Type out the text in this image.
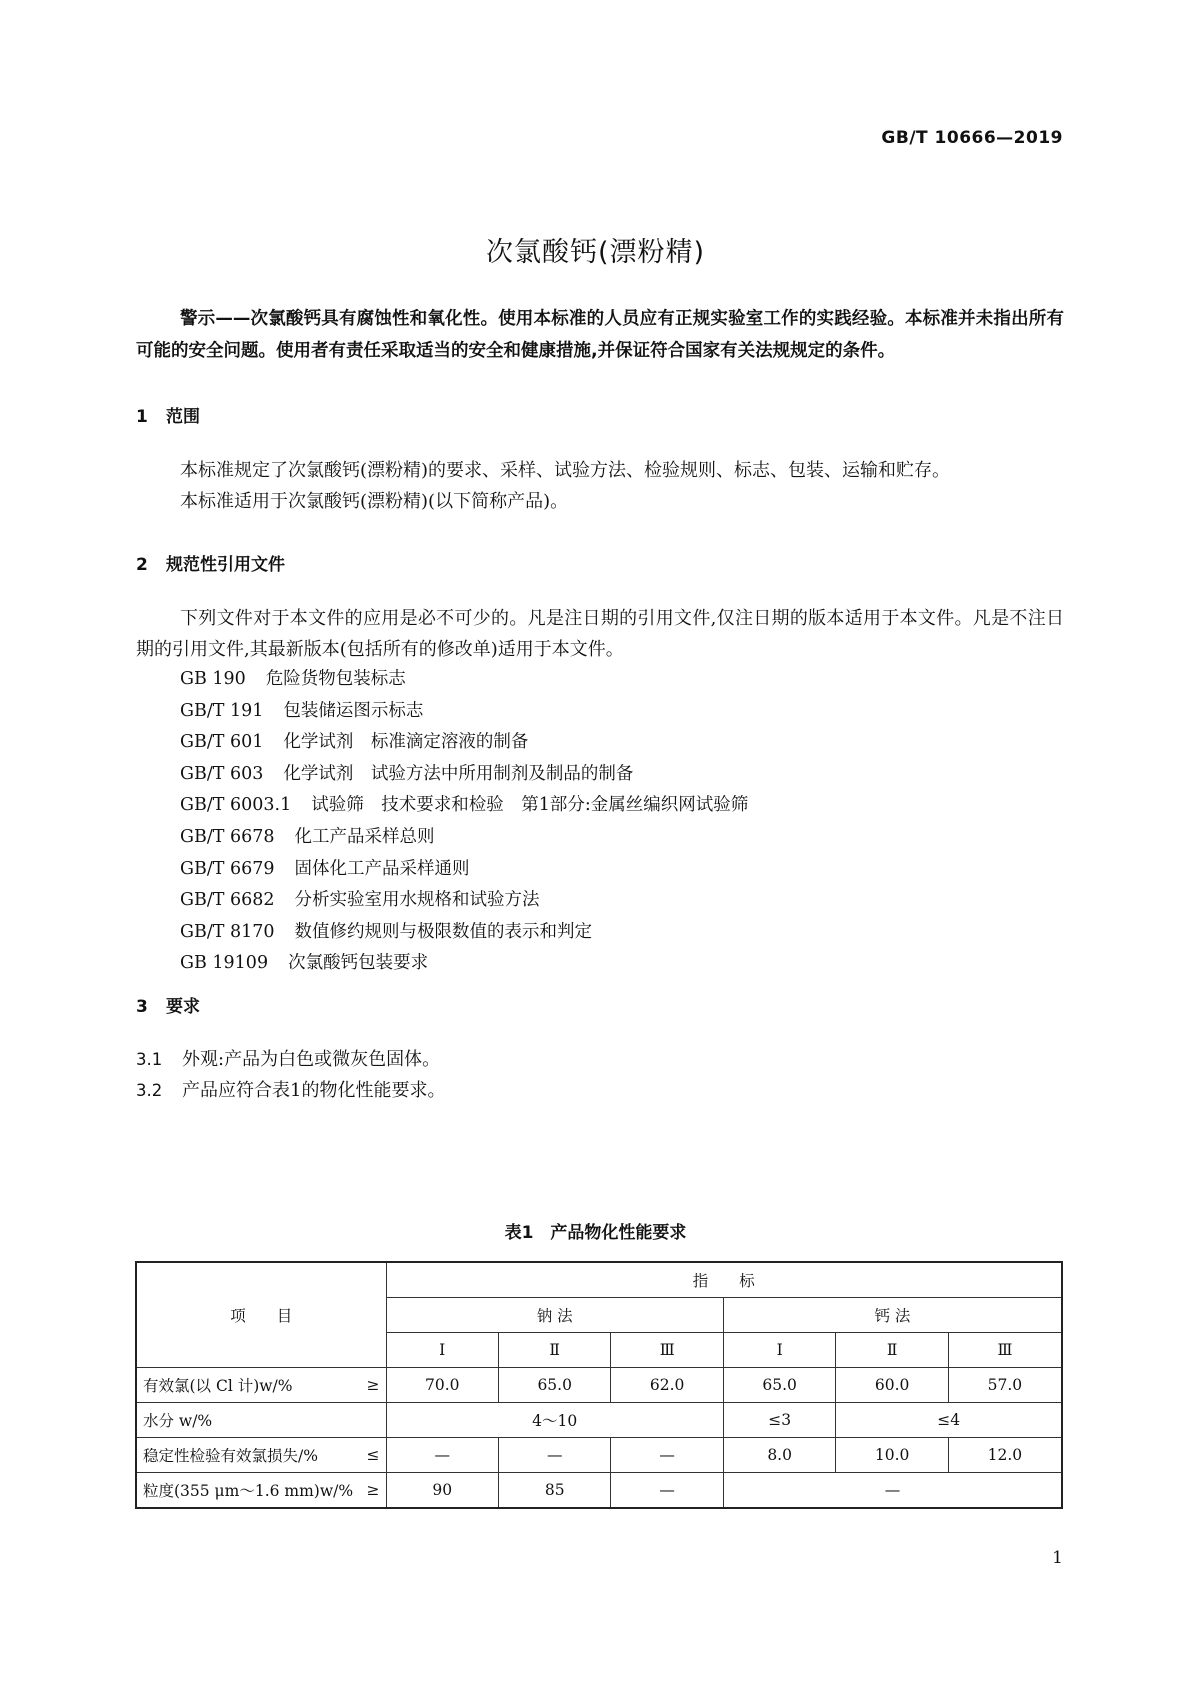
GB/T 10666—2019
次氯酸钙(漂粉精)
警示——次氯酸钙具有腐蚀性和氧化性。使用本标准的人员应有正规实验室工作的实践经验。本标准并未指出所有可能的安全问题。使用者有责任采取适当的安全和健康措施,并保证符合国家有关法规规定的条件。
1 范围

本标准规定了次氯酸钙(漂粉精)的要求、采样、试验方法、检验规则、标志、包装、运输和贮存。

本标准适用于次氯酸钙(漂粉精)(以下简称产品)。

2 规范性引用文件

下列文件对于本文件的应用是必不可少的。凡是注日期的引用文件,仅注日期的版本适用于本文件。凡是不注日期的引用文件,其最新版本(包括所有的修改单)适用于本文件。

GB 190 危险货物包装标志
GB/T 191 包装储运图示标志
GB/T 601 化学试剂　标准滴定溶液的制备
GB/T 603 化学试剂　试验方法中所用制剂及制品的制备
GB/T 6003.1 试验筛　技术要求和检验　第1部分:金属丝编织网试验筛
GB/T 6678 化工产品采样总则
GB/T 6679 固体化工产品采样通则
GB/T 6682 分析实验室用水规格和试验方法
GB/T 8170 数值修约规则与极限数值的表示和判定
GB 19109 次氯酸钙包装要求
3 要求
3.1 外观:产品为白色或微灰色固体。
3.2 产品应符合表1的物化性能要求。
表1　产品物化性能要求
项　　目	指　　标					
	钠 法			钙 法		
	Ⅰ	Ⅱ	Ⅲ	Ⅰ	Ⅱ	Ⅲ

有效氯(以 Cl 计)w/% ≥	70.0	65.0	62.0	65.0	60.0	57.0

水分 w/%	4～10			≤3	≤4	

稳定性检验有效氯损失/% ≤	—	—	—	8.0	10.0	12.0

粒度(355 μm～1.6 mm)w/% ≥	90	85	—	—		
1
